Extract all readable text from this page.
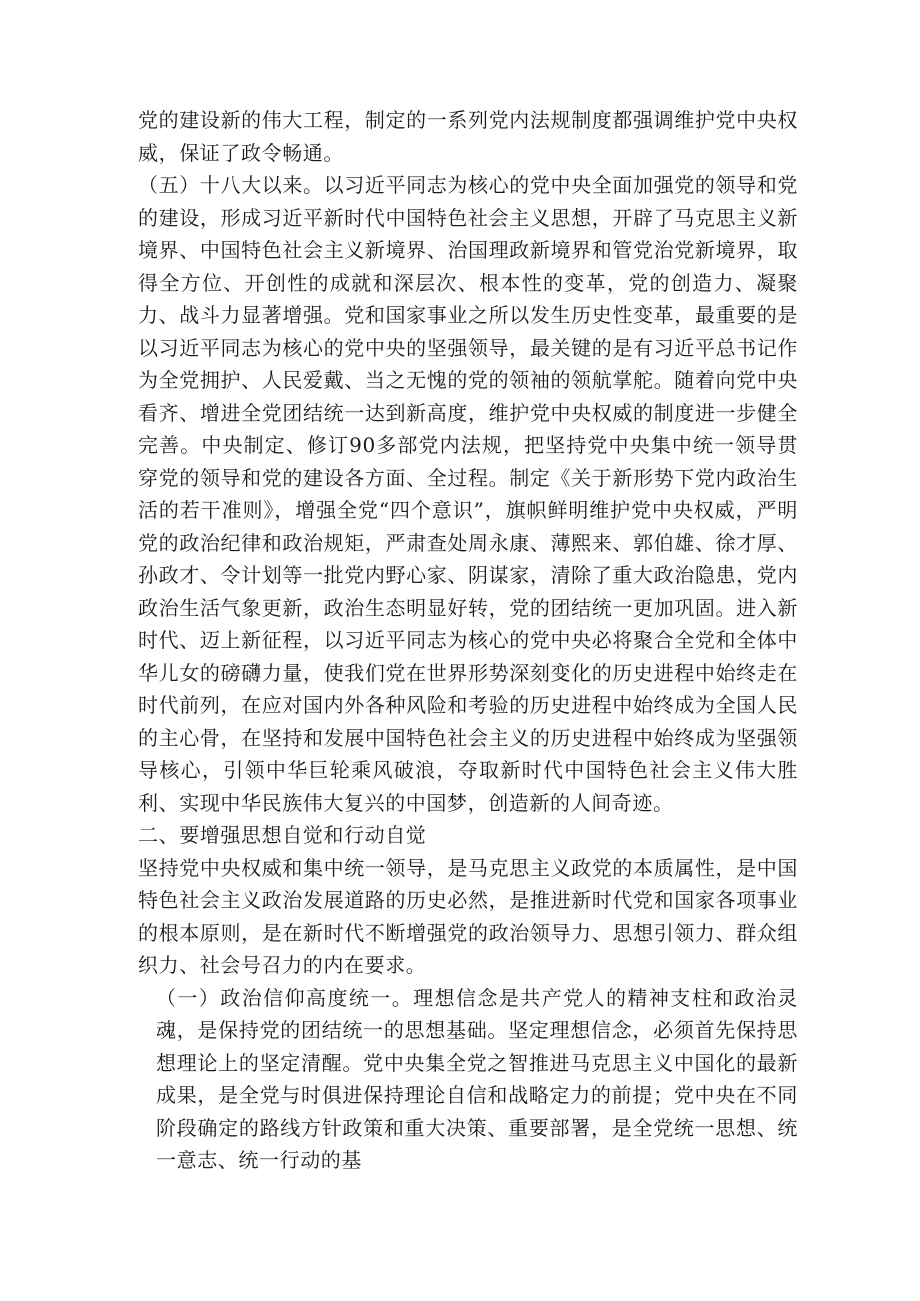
党的建设新的伟大工程，制定的一系列党内法规制度都强调维护党中央权威，保证了政令畅通。

（五）十八大以来。以习近平同志为核心的党中央全面加强党的领导和党的建设，形成习近平新时代中国特色社会主义思想，开辟了马克思主义新境界、中国特色社会主义新境界、治国理政新境界和管党治党新境界，取得全方位、开创性的成就和深层次、根本性的变革，党的创造力、凝聚力、战斗力显著增强。党和国家事业之所以发生历史性变革，最重要的是以习近平同志为核心的党中央的坚强领导，最关键的是有习近平总书记作为全党拥护、人民爱戴、当之无愧的党的领袖的领航掌舵。随着向党中央看齐、增进全党团结统一达到新高度，维护党中央权威的制度进一步健全完善。中央制定、修订90多部党内法规，把坚持党中央集中统一领导贯穿党的领导和党的建设各方面、全过程。制定《关于新形势下党内政治生活的若干准则》，增强全党“四个意识”，旗帜鲜明维护党中央权威，严明党的政治纪律和政治规矩，严肃查处周永康、薄熙来、郭伯雄、徐才厚、孙政才、令计划等一批党内野心家、阴谋家，清除了重大政治隐患，党内政治生活气象更新，政治生态明显好转，党的团结统一更加巩固。进入新时代、迈上新征程，以习近平同志为核心的党中央必将聚合全党和全体中华儿女的磅礴力量，使我们党在世界形势深刻变化的历史进程中始终走在时代前列，在应对国内外各种风险和考验的历史进程中始终成为全国人民的主心骨，在坚持和发展中国特色社会主义的历史进程中始终成为坚强领导核心，引领中华巨轮乘风破浪，夺取新时代中国特色社会主义伟大胜利、实现中华民族伟大复兴的中国梦，创造新的人间奇迹。

二、要增强思想自觉和行动自觉

坚持党中央权威和集中统一领导，是马克思主义政党的本质属性，是中国特色社会主义政治发展道路的历史必然，是推进新时代党和国家各项事业的根本原则，是在新时代不断增强党的政治领导力、思想引领力、群众组织力、社会号召力的内在要求。

（一）政治信仰高度统一。理想信念是共产党人的精神支柱和政治灵魂，是保持党的团结统一的思想基础。坚定理想信念，必须首先保持思想理论上的坚定清醒。党中央集全党之智推进马克思主义中国化的最新成果，是全党与时俱进保持理论自信和战略定力的前提；党中央在不同阶段确定的路线方针政策和重大决策、重要部署，是全党统一思想、统一意志、统一行动的基
